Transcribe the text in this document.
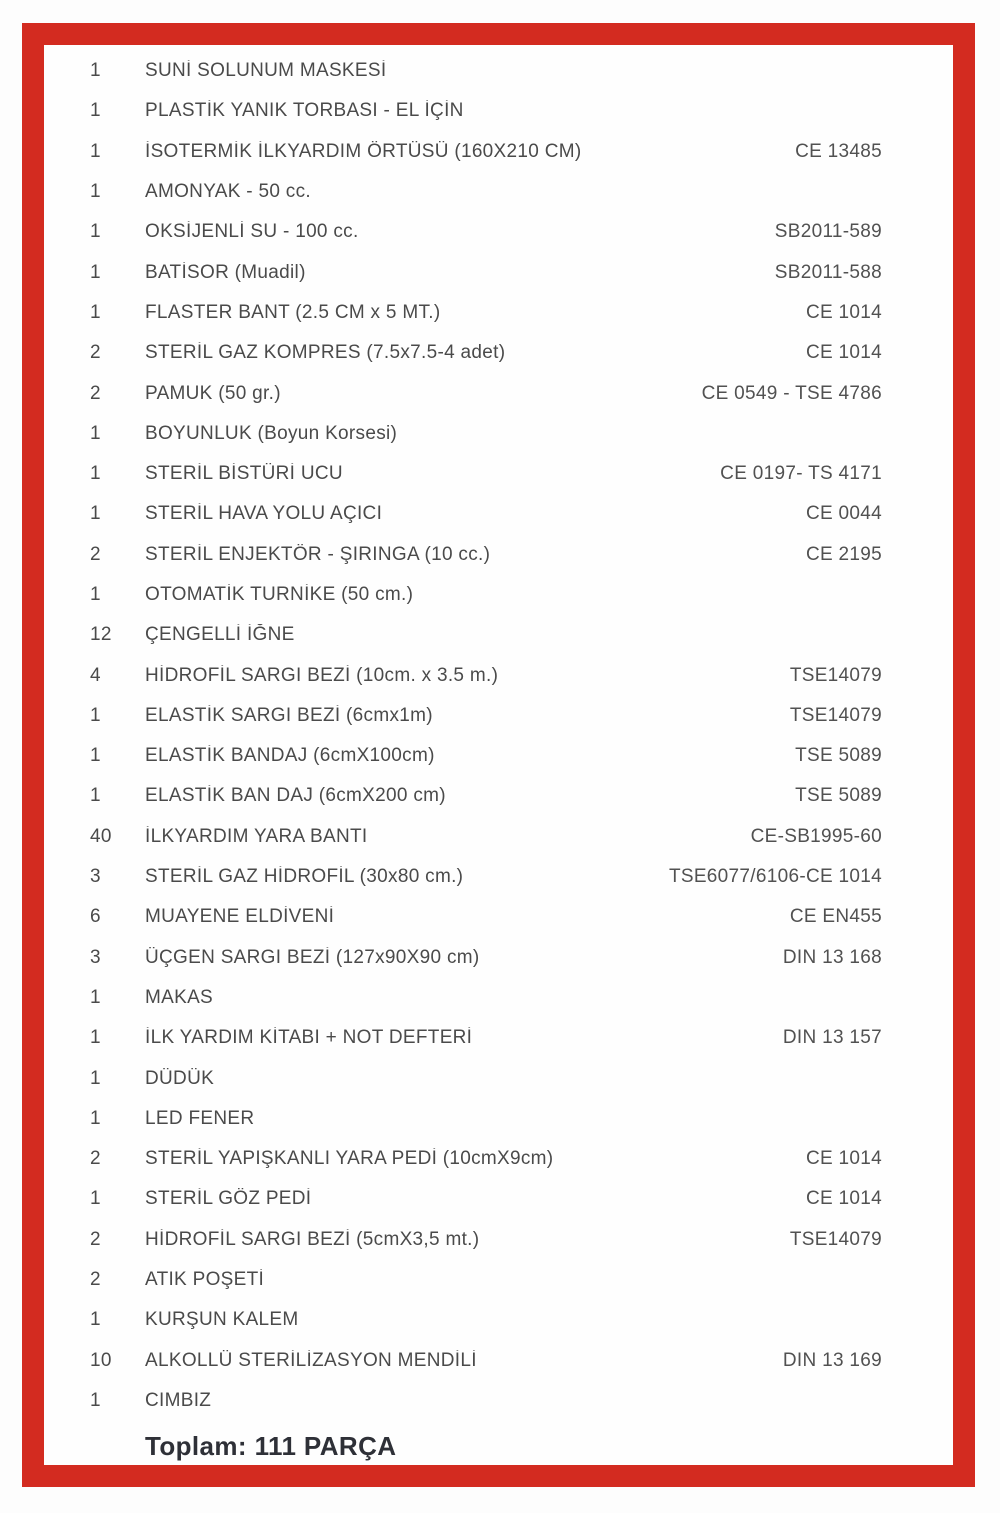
1	SUNİ SOLUNUM MASKESİ
1	PLASTİK YANIK TORBASI - EL İÇİN
1	İSOTERMİK İLKYARDIM ÖRTÜSÜ (160X210 CM)	CE 13485
1	AMONYAK - 50 cc.
1	OKSİJENLİ SU - 100 cc.	SB2011-589
1	BATİSOR (Muadil)	SB2011-588
1	FLASTER BANT (2.5 CM x 5 MT.)	CE 1014
2	STERİL GAZ KOMPRES (7.5x7.5-4 adet)	CE 1014
2	PAMUK (50 gr.)	CE 0549 - TSE 4786
1	BOYUNLUK (Boyun Korsesi)
1	STERİL BİSTÜRİ UCU	CE 0197- TS 4171
1	STERİL HAVA YOLU AÇICI	CE 0044
2	STERİL ENJEKTÖR - ŞIRINGA (10 cc.)	CE 2195
1	OTOMATİK TURNİKE (50 cm.)
12	ÇENGELLİ İĞNE
4	HİDROFİL SARGI BEZİ (10cm. x 3.5 m.)	TSE14079
1	ELASTİK SARGI BEZİ (6cmx1m)	TSE14079
1	ELASTİK BANDAJ (6cmX100cm)	TSE 5089
1	ELASTİK BAN DAJ (6cmX200 cm)	TSE 5089
40	İLKYARDIM YARA BANTI	CE-SB1995-60
3	STERİL GAZ HİDROFİL (30x80 cm.)	TSE6077/6106-CE 1014
6	MUAYENE ELDİVENİ	CE EN455
3	ÜÇGEN SARGI BEZİ (127x90X90 cm)	DIN 13 168
1	MAKAS
1	İLK YARDIM KİTABI + NOT DEFTERİ	DIN 13 157
1	DÜDÜK
1	LED FENER
2	STERİL YAPIŞKANLI YARA PEDİ (10cmX9cm)	CE 1014
1	STERİL GÖZ PEDİ	CE 1014
2	HİDROFİL SARGI BEZİ (5cmX3,5 mt.)	TSE14079
2	ATIK POŞETİ
1	KURŞUN KALEM
10	ALKOLLÜ STERİLİZASYON MENDİLİ	DIN 13 169
1	CIMBIZ
Toplam: 111 PARÇA
